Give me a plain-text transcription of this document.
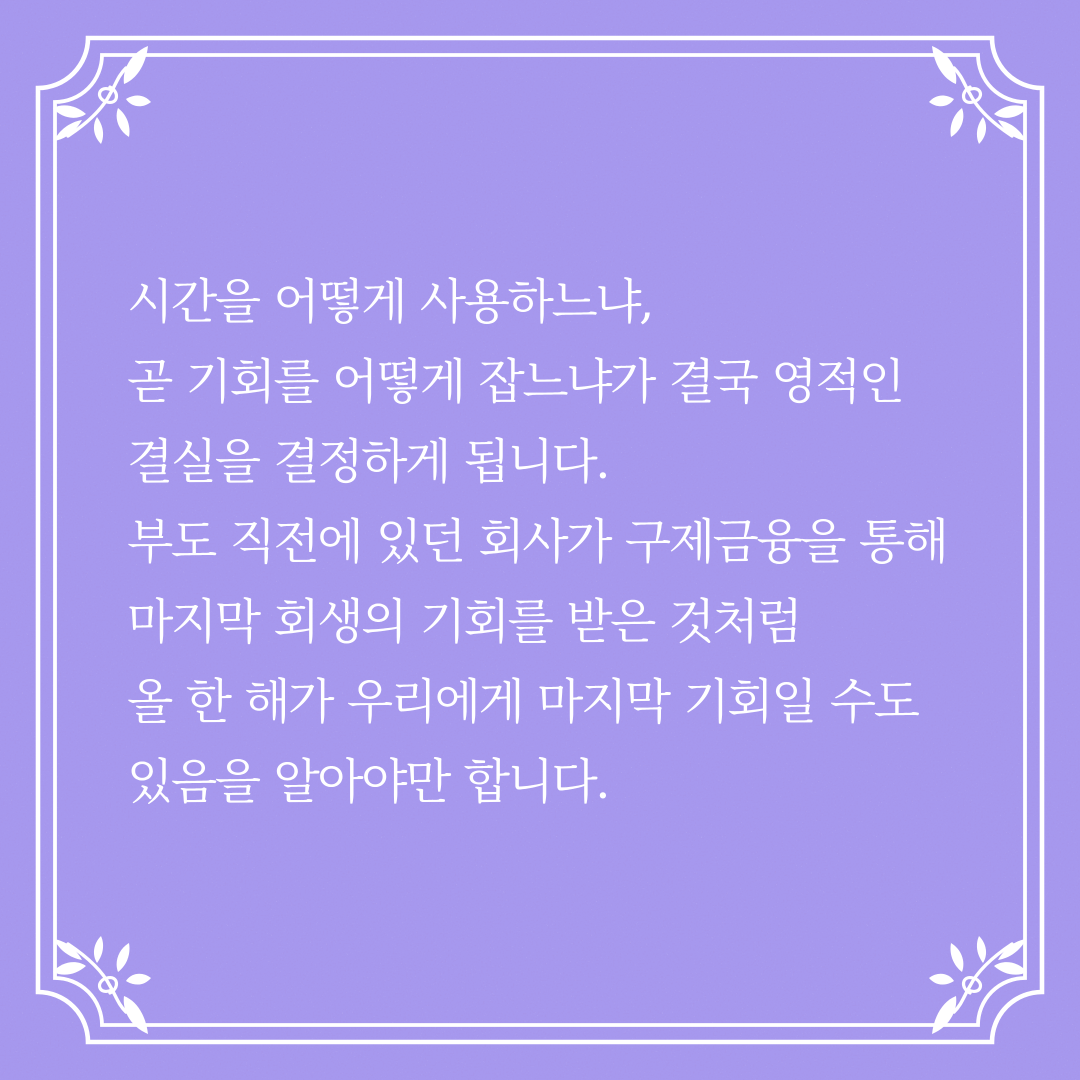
시간을 어떻게 사용하느냐,

곧 기회를 어떻게 잡느냐가 결국 영적인

결실을 결정하게 됩니다.

부도 직전에 있던 회사가 구제금융을 통해

마지막 회생의 기회를 받은 것처럼

올 한 해가 우리에게 마지막 기회일 수도

있음을 알아야만 합니다.
